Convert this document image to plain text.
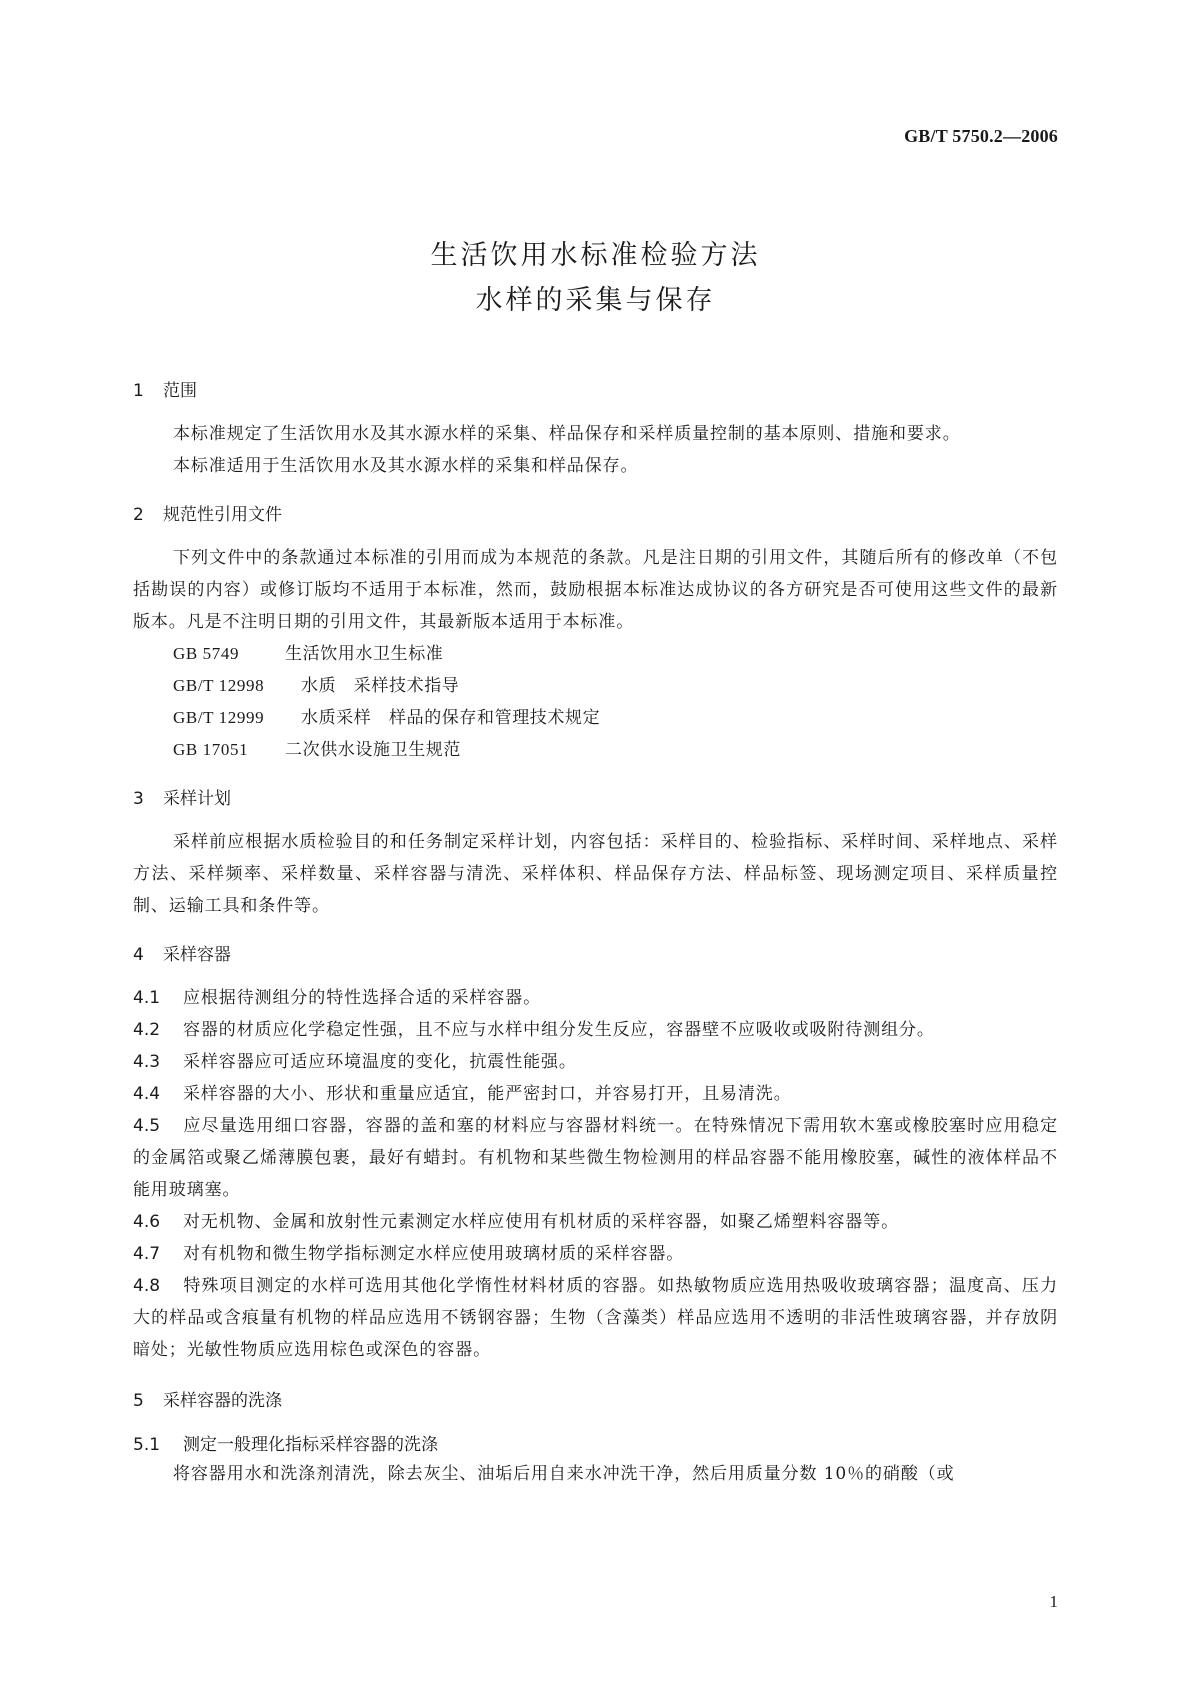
GB/T 5750.2—2006
生活饮用水标准检验方法
水样的采集与保存
1 范围

本标准规定了生活饮用水及其水源水样的采集、样品保存和采样质量控制的基本原则、措施和要求。

本标准适用于生活饮用水及其水源水样的采集和样品保存。

2 规范性引用文件

下列文件中的条款通过本标准的引用而成为本规范的条款。凡是注日期的引用文件，其随后所有的修改单（不包括勘误的内容）或修订版均不适用于本标准，然而，鼓励根据本标准达成协议的各方研究是否可使用这些文件的最新版本。凡是不注明日期的引用文件，其最新版本适用于本标准。

GB 5749	生活饮用水卫生标准
GB/T 12998 水质　采样技术指导
GB/T 12999 水质采样　样品的保存和管理技术规定
GB 17051 二次供水设施卫生规范
3 采样计划

采样前应根据水质检验目的和任务制定采样计划，内容包括：采样目的、检验指标、采样时间、采样地点、采样方法、采样频率、采样数量、采样容器与清洗、采样体积、样品保存方法、样品标签、现场测定项目、采样质量控制、运输工具和条件等。

4 采样容器

4.1 应根据待测组分的特性选择合适的采样容器。

4.2 容器的材质应化学稳定性强，且不应与水样中组分发生反应，容器壁不应吸收或吸附待测组分。

4.3 采样容器应可适应环境温度的变化，抗震性能强。

4.4 采样容器的大小、形状和重量应适宜，能严密封口，并容易打开，且易清洗。

4.5 应尽量选用细口容器，容器的盖和塞的材料应与容器材料统一。在特殊情况下需用软木塞或橡胶塞时应用稳定的金属箔或聚乙烯薄膜包裹，最好有蜡封。有机物和某些微生物检测用的样品容器不能用橡胶塞，碱性的液体样品不能用玻璃塞。

4.6 对无机物、金属和放射性元素测定水样应使用有机材质的采样容器，如聚乙烯塑料容器等。

4.7 对有机物和微生物学指标测定水样应使用玻璃材质的采样容器。

4.8 特殊项目测定的水样可选用其他化学惰性材料材质的容器。如热敏物质应选用热吸收玻璃容器；温度高、压力大的样品或含痕量有机物的样品应选用不锈钢容器；生物（含藻类）样品应选用不透明的非活性玻璃容器，并存放阴暗处；光敏性物质应选用棕色或深色的容器。

5 采样容器的洗涤
5.1 测定一般理化指标采样容器的洗涤

将容器用水和洗涤剂清洗，除去灰尘、油垢后用自来水冲洗干净，然后用质量分数 10％的硝酸（或

1
